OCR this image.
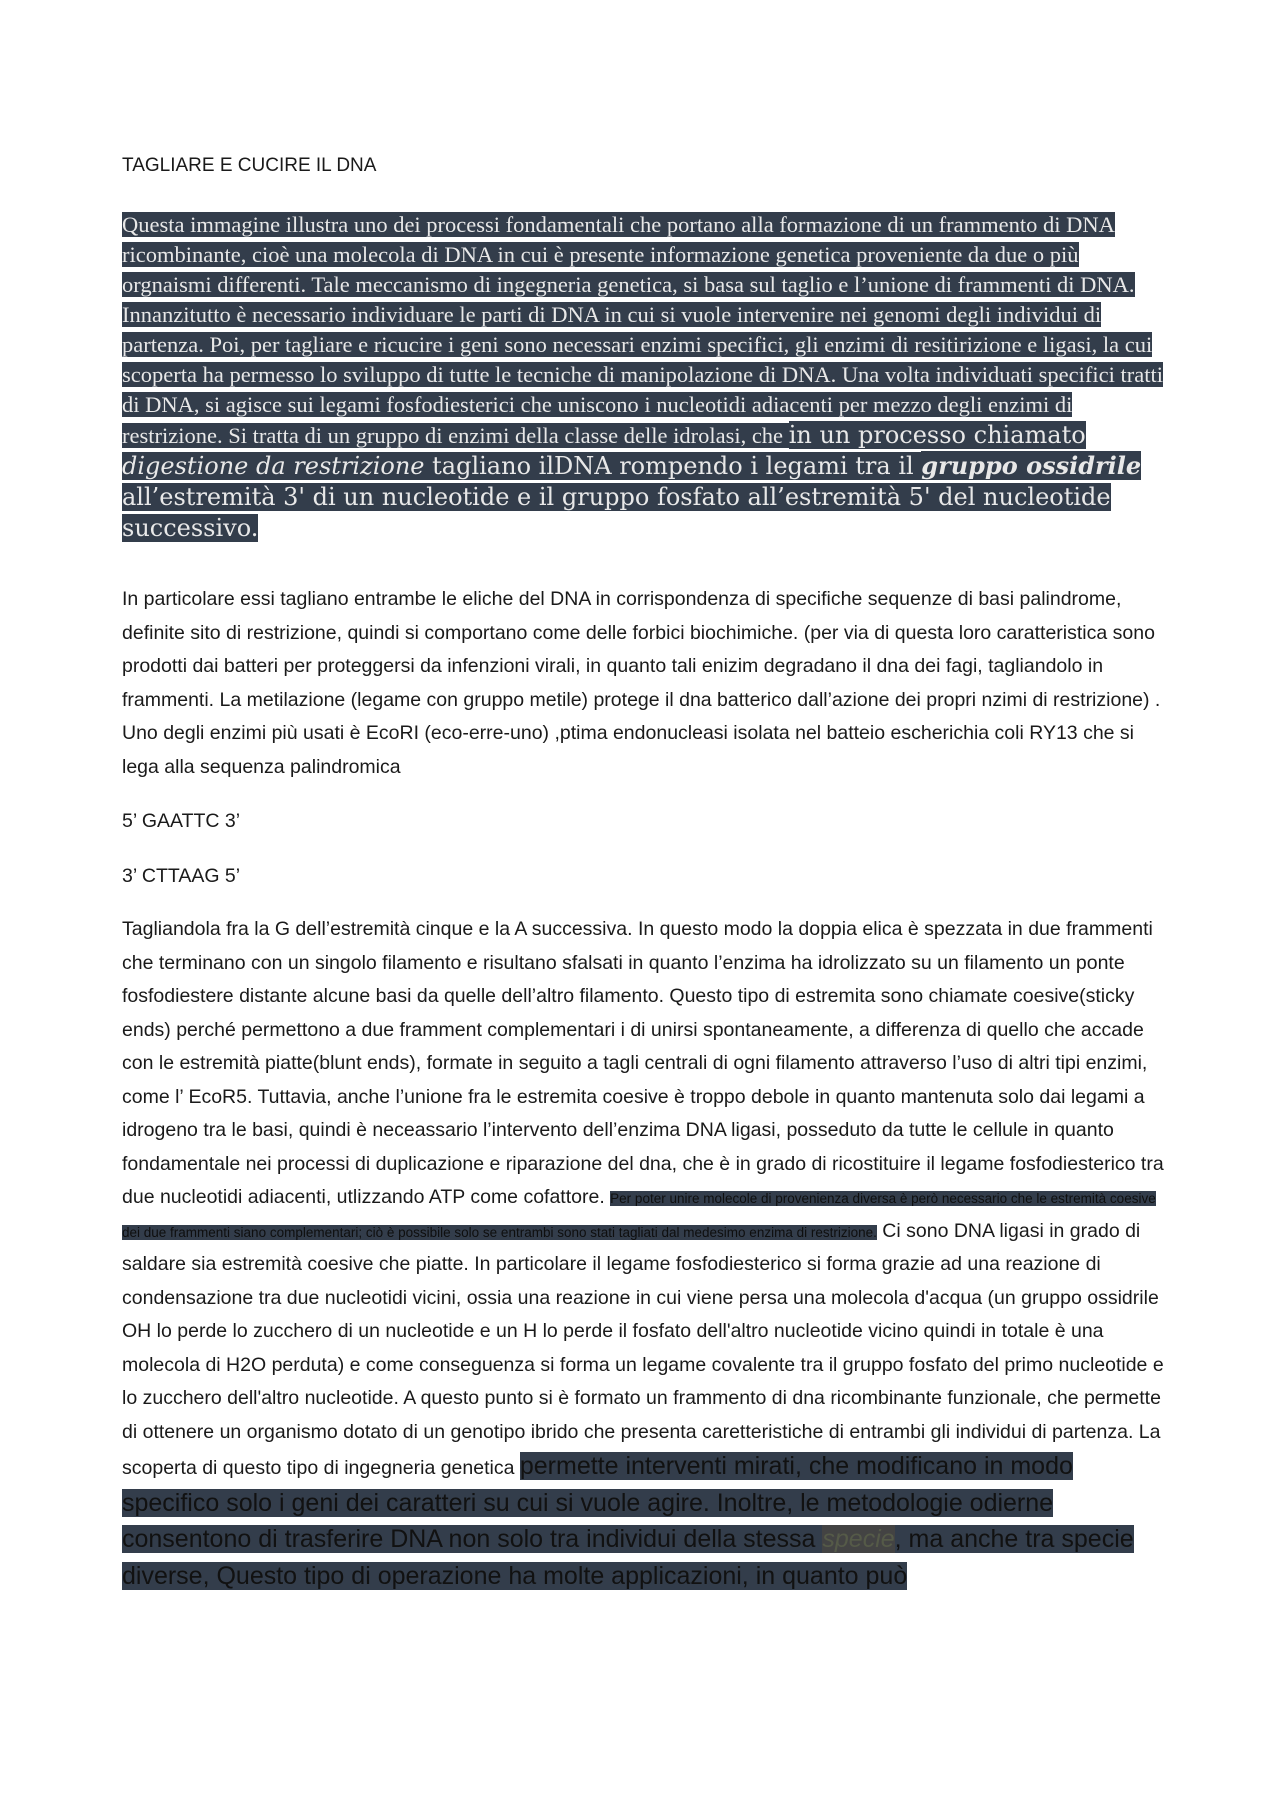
TAGLIARE E CUCIRE IL DNA
Questa immagine illustra uno dei processi fondamentali che portano alla formazione di un frammento di DNA ricombinante, cioè una molecola di DNA in cui è presente informazione genetica proveniente da due o più orgnaismi differenti. Tale meccanismo di ingegneria genetica, si basa sul taglio e l’unione di frammenti di DNA. Innanzitutto è necessario individuare le parti di DNA in cui si vuole intervenire nei genomi degli individui di partenza. Poi, per tagliare e ricucire i geni sono necessari enzimi specifici, gli enzimi di resitirizione e ligasi, la cui scoperta ha permesso lo sviluppo di tutte le tecniche di manipolazione di DNA. Una volta individuati specifici tratti di DNA, si agisce sui legami fosfodiesterici che uniscono i nucleotidi adiacenti per mezzo degli enzimi di restrizione. Si tratta di un gruppo di enzimi della classe delle idrolasi, che in un processo chiamato digestione da restrizione tagliano ilDNA rompendo i legami tra il gruppo ossidrile all’estremità 3' di un nucleotide e il gruppo fosfato all’estremità 5' del nucleotide successivo.

In particolare essi tagliano entrambe le eliche del DNA in corrispondenza di specifiche sequenze di basi palindrome, definite sito di restrizione, quindi si comportano come delle forbici biochimiche. (per via di questa loro caratteristica sono prodotti dai batteri per proteggersi da infenzioni virali, in quanto tali enizim degradano il dna dei fagi, tagliandolo in frammenti. La metilazione (legame con gruppo metile) protege il dna batterico dall’azione dei propri nzimi di restrizione) . Uno degli enzimi più usati è EcoRI (eco-erre-uno) ,ptima endonucleasi isolata nel batteio escherichia coli RY13 che si lega alla sequenza palindromica

5’ GAATTC 3’

3’ CTTAAG 5’

Tagliandola fra la G dell’estremità cinque e la A successiva. In questo modo la doppia elica è spezzata in due frammenti che terminano con un singolo filamento e risultano sfalsati in quanto l’enzima ha idrolizzato su un filamento un ponte fosfodiestere distante alcune basi da quelle dell’altro filamento. Questo tipo di estremita sono chiamate coesive(sticky ends) perché permettono a due framment complementari i di unirsi spontaneamente, a differenza di quello che accade con le estremità piatte(blunt ends), formate in seguito a tagli centrali di ogni filamento attraverso l’uso di altri tipi enzimi, come l’ EcoR5. Tuttavia, anche l’unione fra le estremita coesive è troppo debole in quanto mantenuta solo dai legami a idrogeno tra le basi, quindi è neceassario l’intervento dell’enzima DNA ligasi, posseduto da tutte le cellule in quanto fondamentale nei processi di duplicazione e riparazione del dna, che è in grado di ricostituire il legame fosfodiesterico tra due nucleotidi adiacenti, utlizzando ATP come cofattore. Per poter unire molecole di provenienza diversa è però necessario che le estremità coesive dei due frammenti siano complementari; ciò è possibile solo se entrambi sono stati tagliati dal medesimo enzima di restrizione. Ci sono DNA ligasi in grado di saldare sia estremità coesive che piatte. In particolare il legame fosfodiesterico si forma grazie ad una reazione di condensazione tra due nucleotidi vicini, ossia una reazione in cui viene persa una molecola d'acqua (un gruppo ossidrile OH lo perde lo zucchero di un nucleotide e un H lo perde il fosfato dell'altro nucleotide vicino quindi in totale è una molecola di H2O perduta) e come conseguenza si forma un legame covalente tra il gruppo fosfato del primo nucleotide e lo zucchero dell'altro nucleotide. A questo punto si è formato un frammento di dna ricombinante funzionale, che permette di ottenere un organismo dotato di un genotipo ibrido che presenta caretteristiche di entrambi gli individui di partenza. La scoperta di questo tipo di ingegneria genetica permette interventi mirati, che modificano in modo specifico solo i geni dei caratteri su cui si vuole agire. Inoltre, le metodologie odierne consentono di trasferire DNA non solo tra individui della stessa specie, ma anche tra specie diverse, Questo tipo di operazione ha molte applicazioni, in quanto può
